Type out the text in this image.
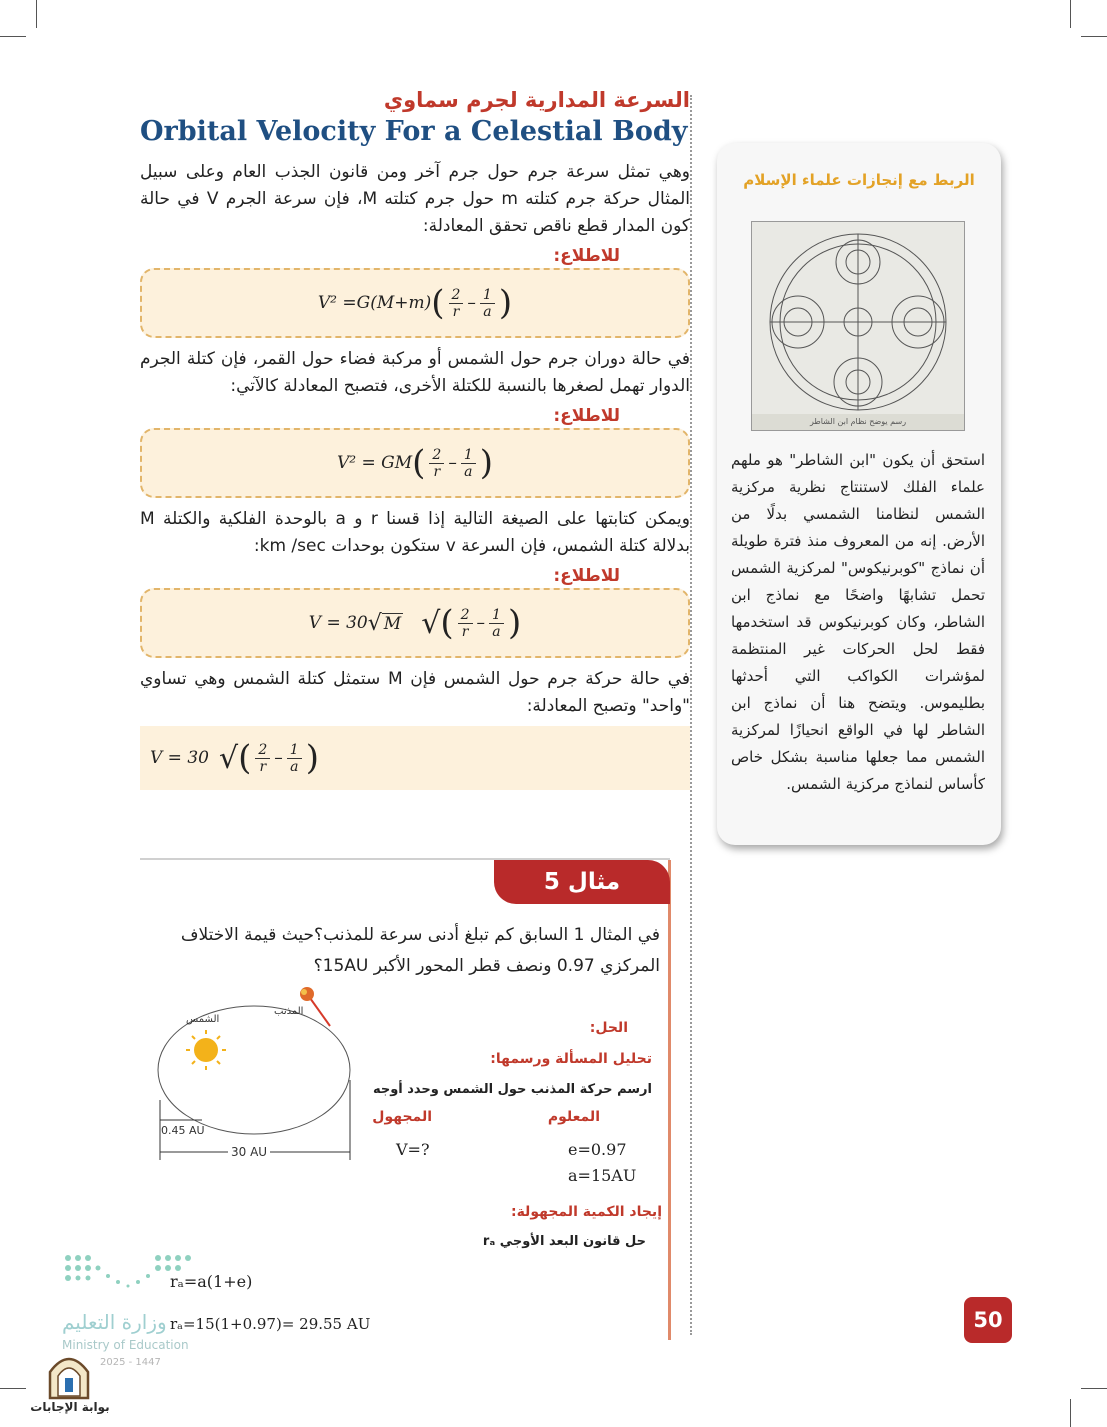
السرعة المدارية لجرم سماوي
Orbital Velocity For a Celestial Body

وهي تمثل سرعة جرم حول جرم آخر ومن قانون الجذب العام وعلى سبيل المثال حركة جرم كتلته m حول جرم كتلته M، فإن سرعة الجرم V في حالة كون المدار قطع ناقص تحقق المعادلة:

للاطلاع:
V² =G(M+m) ( $\frac{2}{r} - \frac{1}{a}$ )

في حالة دوران جرم حول الشمس أو مركبة فضاء حول القمر، فإن كتلة الجرم الدوار تهمل لصغرها بالنسبة للكتلة الأخرى، فتصبح المعادلة كالآتي:

للاطلاع:
V² = GM ( $\frac{2}{r} - \frac{1}{a}$ )

ويمكن كتابتها على الصيغة التالية إذا قسنا r و a بالوحدة الفلكية والكتلة M بدلالة كتلة الشمس، فإن السرعة v ستكون بوحدات km /sec:

للاطلاع:
V = 30 √ M √ ( $\frac{2}{r} - \frac{1}{a}$ )

في حالة حركة جرم حول الشمس فإن M ستمثل كتلة الشمس وهي تساوي "واحد" وتصبح المعادلة:

V = 30 √ ( $\frac{2}{r} - \frac{1}{a}$ )
مثال 5
في المثال 1 السابق كم تبلغ أدنى سرعة للمذنب؟حيث قيمة الاختلاف المركزي 0.97 ونصف قطر المحور الأكبر 15AU؟
الشمس
المذنب
0.45 AU
30 AU
الحل:
تحليل المسألة ورسمها:
ارسم حركة المذنب حول الشمس وحدد أوجه
المعلوم
المجهول
e=0.97
a=15AU
V=?
إيجاد الكمية المجهولة:
حل قانون البعد الأوجي rₐ
rₐ=a(1+e)
rₐ=15(1+0.97)= 29.55 AU
الربط مع إنجازات علماء الإسلام
رسم يوضح نظام ابن الشاطر

استحق أن يكون "ابن الشاطر" هو ملهم علماء الفلك لاستنتاج نظرية مركزية الشمس لنظامنا الشمسي بدلًا من الأرض. إنه من المعروف منذ فترة طويلة أن نماذج "كوبرنيكوس" لمركزية الشمس تحمل تشابهًا واضحًا مع نماذج ابن الشاطر، وكان كوبرنيكوس قد استخدمها فقط لحل الحركات غير المنتظمة لمؤشرات الكواكب التي أحدثها بطليموس. ويتضح هنا أن نماذج ابن الشاطر لها في الواقع انحيازًا لمركزية الشمس مما جعلها مناسبة بشكل خاص كأساس لنماذج مركزية الشمس.

50
وزارة التعليم
Ministry of Education
2025 - 1447
بوابة الإجابات
